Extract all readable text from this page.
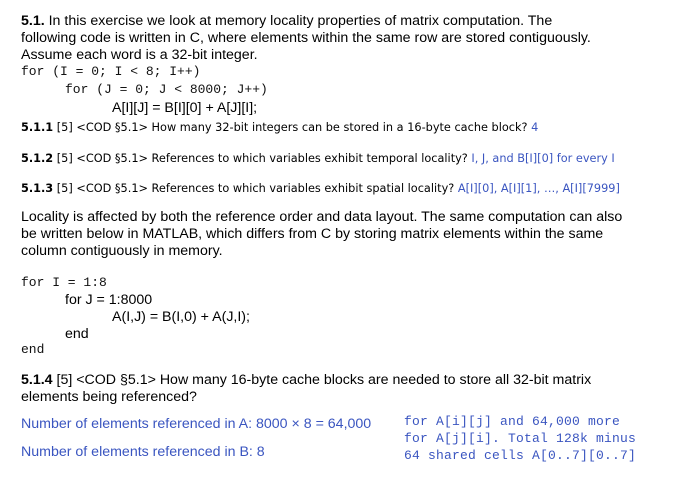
5.1. In this exercise we look at memory locality properties of matrix computation. The
following code is written in C, where elements within the same row are stored contiguously.
Assume each word is a 32-bit integer.
for (I = 0; I < 8; I++)
for (J = 0; J < 8000; J++)
A[I][J] = B[I][0] + A[J][I];
5.1.1 [5] <COD §5.1> How many 32-bit integers can be stored in a 16-byte cache block? 4
5.1.2 [5] <COD §5.1> References to which variables exhibit temporal locality? I, J, and B[I][0] for every I
5.1.3 [5] <COD §5.1> References to which variables exhibit spatial locality? A[I][0], A[I][1], …, A[I][7999]
Locality is affected by both the reference order and data layout. The same computation can also
be written below in MATLAB, which differs from C by storing matrix elements within the same
column contiguously in memory.
for I = 1:8
for J = 1:8000
A(I,J) = B(I,0) + A(J,I);
end
end
5.1.4 [5] <COD §5.1> How many 16-byte cache blocks are needed to store all 32-bit matrix
elements being referenced?
Number of elements referenced in A: 8000 × 8 = 64,000
Number of elements referenced in B: 8
for A[i][j] and 64,000 more
for A[j][i]. Total 128k minus
64 shared cells A[0..7][0..7]
